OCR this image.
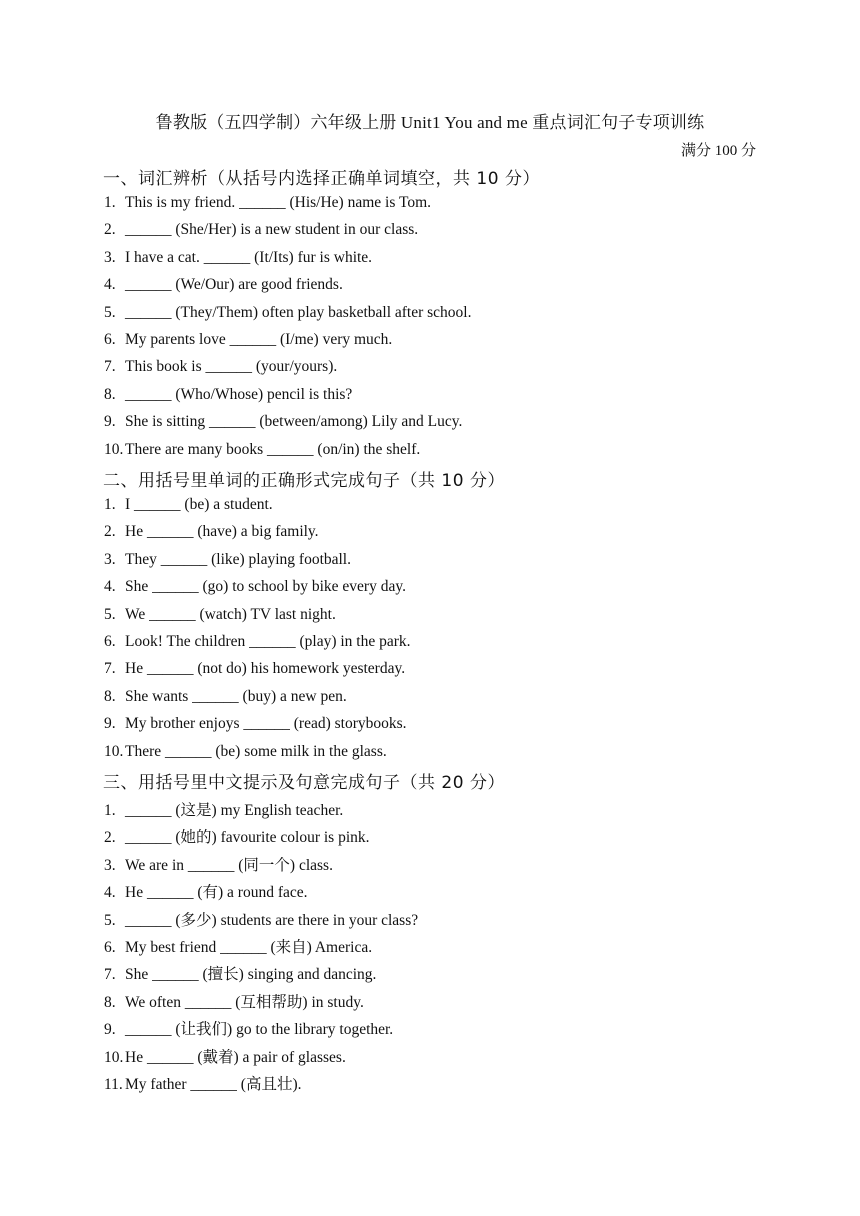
鲁教版（五四学制）六年级上册 Unit1 You and me 重点词汇句子专项训练
满分 100 分
一、词汇辨析（从括号内选择正确单词填空，共 10 分）
1. This is my friend. ______ (His/He) name is Tom.
2. ______ (She/Her) is a new student in our class.
3. I have a cat. ______ (It/Its) fur is white.
4. ______ (We/Our) are good friends.
5. ______ (They/Them) often play basketball after school.
6. My parents love ______ (I/me) very much.
7. This book is ______ (your/yours).
8. ______ (Who/Whose) pencil is this?
9. She is sitting ______ (between/among) Lily and Lucy.
10. There are many books ______ (on/in) the shelf.
二、用括号里单词的正确形式完成句子（共 10 分）
1. I ______ (be) a student.
2. He ______ (have) a big family.
3. They ______ (like) playing football.
4. She ______ (go) to school by bike every day.
5. We ______ (watch) TV last night.
6. Look! The children ______ (play) in the park.
7. He ______ (not do) his homework yesterday.
8. She wants ______ (buy) a new pen.
9. My brother enjoys ______ (read) storybooks.
10. There ______ (be) some milk in the glass.
三、用括号里中文提示及句意完成句子（共 20 分）
1. ______ (这是) my English teacher.
2. ______ (她的) favourite colour is pink.
3. We are in ______ (同一个) class.
4. He ______ (有) a round face.
5. ______ (多少) students are there in your class?
6. My best friend ______ (来自) America.
7. She ______ (擅长) singing and dancing.
8. We often ______ (互相帮助) in study.
9. ______ (让我们) go to the library together.
10. He ______ (戴着) a pair of glasses.
11. My father ______ (高且壮).
